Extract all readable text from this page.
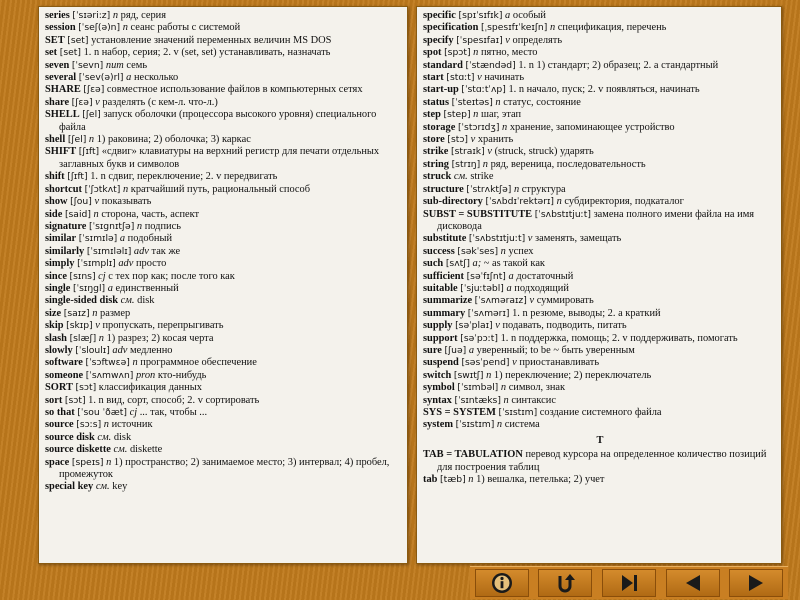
series [ˈsɪəri:z] n ряд, серия
session [ˈseʃ(ə)n] n сеанс работы с системой
SET [set] установление значений переменных величин MS DOS
set [set] 1. n набор, серия; 2. v (set, set) устанавливать, назначать
seven [ˈsevn] num семь
several [ˈsev(ə)rl] a несколько
SHARE [ʃɛə] совместное использование файлов в компьютерных сетях
share [ʃɛə] v разделять (с кем-л. что-л.)
SHELL [ʃel] запуск оболочки (процессора высокого уровня) специального файла
shell [ʃel] n 1) раковина; 2) оболочка; 3) каркас
SHIFT [ʃɪft] «сдвиг» клавиатуры на верхний регистр для печати отдельных заглавных букв и символов
shift [ʃɪft] 1. n сдвиг, переключение; 2. v передвигать
shortcut [ˈʃɔtkʌt] n кратчайший путь, рациональный способ
show [ʃou] v показывать
side [said] n сторона, часть, аспект
signature [ˈsɪgnɪtʃə] n подпись
similar [ˈsɪmɪlə] a подобный
similarly [ˈsɪmɪləlɪ] adv так же
simply [ˈsɪmplɪ] adv просто
since [sɪns] cj с тех пор как; после того как
single [ˈsɪŋgl] a единственный
single-sided disk см. disk
size [saɪz] n размер
skip [skɪp] v пропускать, перепрыгивать
slash [slæʃ] n 1) разрез; 2) косая черта
slowly [ˈsloulɪ] adv медленно
software [ˈsɔftwɛə] n программное обеспечение
someone [ˈsʌmwʌn] pron кто-нибудь
SORT [sɔt] классификация данных
sort [sɔt] 1. n вид, сорт, способ; 2. v сортировать
so that [ˈsou ˈðæt] cj ... так, чтобы ...
source [sɔːs] n источник
source disk см. disk
source diskette см. diskette
space [speɪs] n 1) пространство; 2) занимаемое место; 3) интервал; 4) пробел, промежуток
special key см. key
specific [spɪˈsɪfɪk] a особый
specification [ˌspesɪfɪˈkeɪʃn] n спецификация, перечень
specify [ˈspesɪfaɪ] v определять
spot [spɔt] n пятно, место
standard [ˈstændəd] 1. n 1) стандарт; 2) образец; 2. a стандартный
start [stɑːt] v начинать
start-up [ˈstɑːtˈʌp] 1. n начало, пуск; 2. v появляться, начинать
status [ˈsteɪtəs] n статус, состояние
step [step] n шаг, этап
storage [ˈstɔrɪdʒ] n хранение, запоминающее устройство
store [stɔ] v хранить
strike [straɪk] v (struck, struck) ударять
string [strɪŋ] n ряд, вереница, последовательность
struck см. strike
structure [ˈstrʌktʃə] n структура
sub-directory [ˈsʌbdɪˈrektərɪ] n субдиректория, подкаталог
SUBST = SUBSTITUTE [ˈsʌbstɪtjuːt] замена полного имени файла на имя дисковода
substitute [ˈsʌbstɪtjuːt] v заменять, замещать
success [səkˈses] n успех
such [sʌtʃ] a; ~ as такой как
sufficient [səˈfɪʃnt] a достаточный
suitable [ˈsjuːtəbl] a подходящий
summarize [ˈsʌməraɪz] v суммировать
summary [ˈsʌmərɪ] 1. n резюме, выводы; 2. a краткий
supply [səˈplaɪ] v подавать, подводить, питать
support [səˈpɔːt] 1. n поддержка, помощь; 2. v поддерживать, помогать
sure [ʃuə] a уверенный; to be ~ быть уверенным
suspend [səsˈpend] v приостанавливать
switch [swɪtʃ] n 1) переключение; 2) переключатель
symbol [ˈsɪmbəl] n символ, знак
syntax [ˈsɪntæks] n синтаксис
SYS = SYSTEM [ˈsɪstɪm] создание системного файла
system [ˈsɪstɪm] n система
T
TAB = TABULATION перевод курсора на определенное количество позиций для построения таблиц
tab [tæb] n 1) вешалка, петелька; 2) учет
